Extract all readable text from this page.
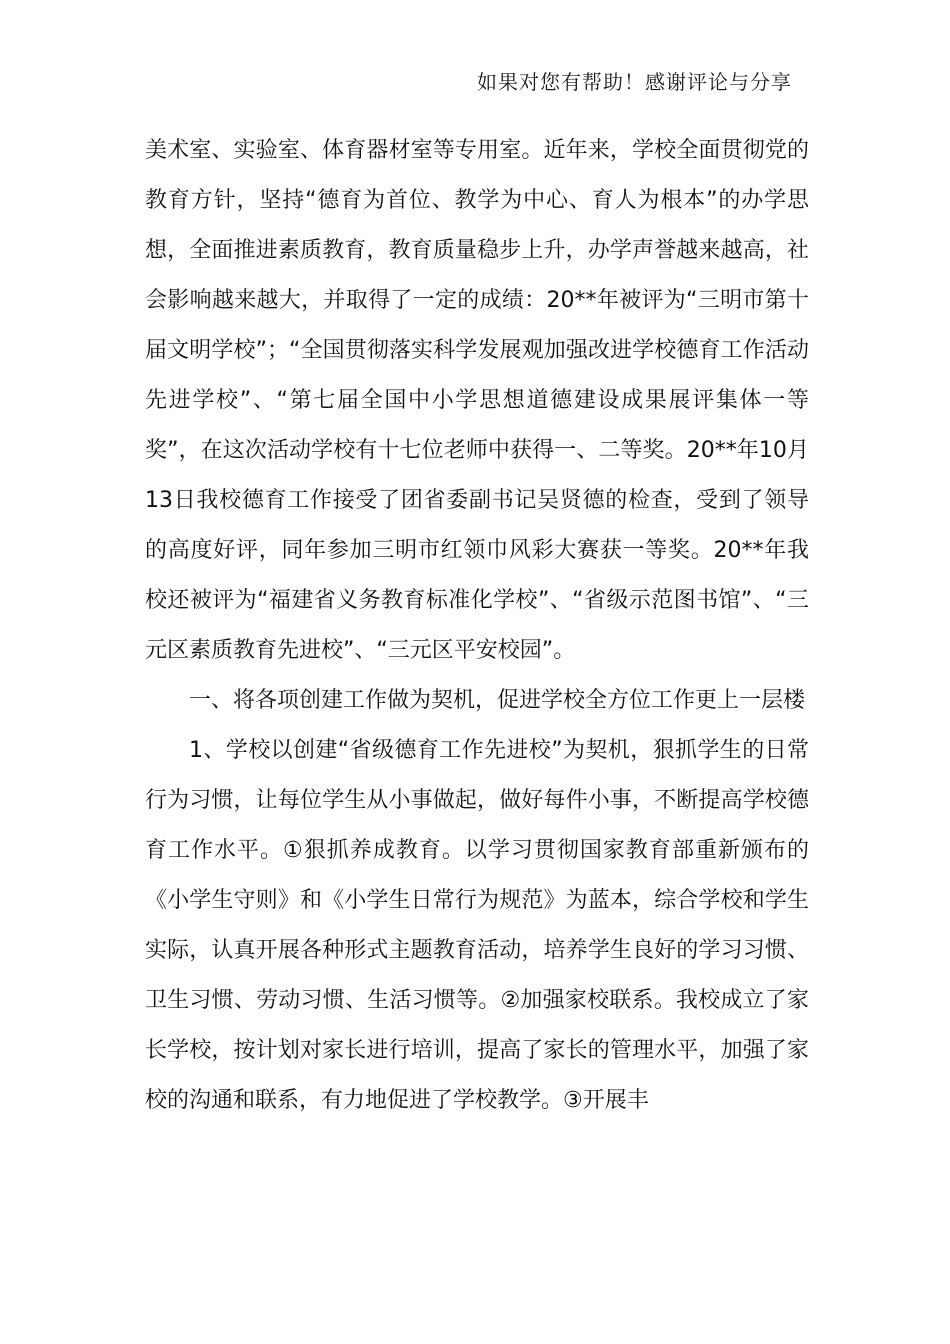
如果对您有帮助！感谢评论与分享

美术室、实验室、体育器材室等专用室。近年来，学校全面贯彻党的教育方针，坚持“德育为首位、教学为中心、育人为根本”的办学思想，全面推进素质教育，教育质量稳步上升，办学声誉越来越高，社会影响越来越大，并取得了一定的成绩：20**年被评为“三明市第十届文明学校”；“全国贯彻落实科学发展观加强改进学校德育工作活动先进学校”、“第七届全国中小学思想道德建设成果展评集体一等奖”，在这次活动学校有十七位老师中获得一、二等奖。20**年10月13日我校德育工作接受了团省委副书记吴贤德的检查，受到了领导的高度好评，同年参加三明市红领巾风彩大赛获一等奖。20**年我校还被评为“福建省义务教育标准化学校”、“省级示范图书馆”、“三元区素质教育先进校”、“三元区平安校园”。

一、将各项创建工作做为契机，促进学校全方位工作更上一层楼

1、学校以创建“省级德育工作先进校”为契机，狠抓学生的日常行为习惯，让每位学生从小事做起，做好每件小事，不断提高学校德育工作水平。①狠抓养成教育。以学习贯彻国家教育部重新颁布的《小学生守则》和《小学生日常行为规范》为蓝本，综合学校和学生实际，认真开展各种形式主题教育活动，培养学生良好的学习习惯、卫生习惯、劳动习惯、生活习惯等。②加强家校联系。我校成立了家长学校，按计划对家长进行培训，提高了家长的管理水平，加强了家校的沟通和联系，有力地促进了学校教学。③开展丰
